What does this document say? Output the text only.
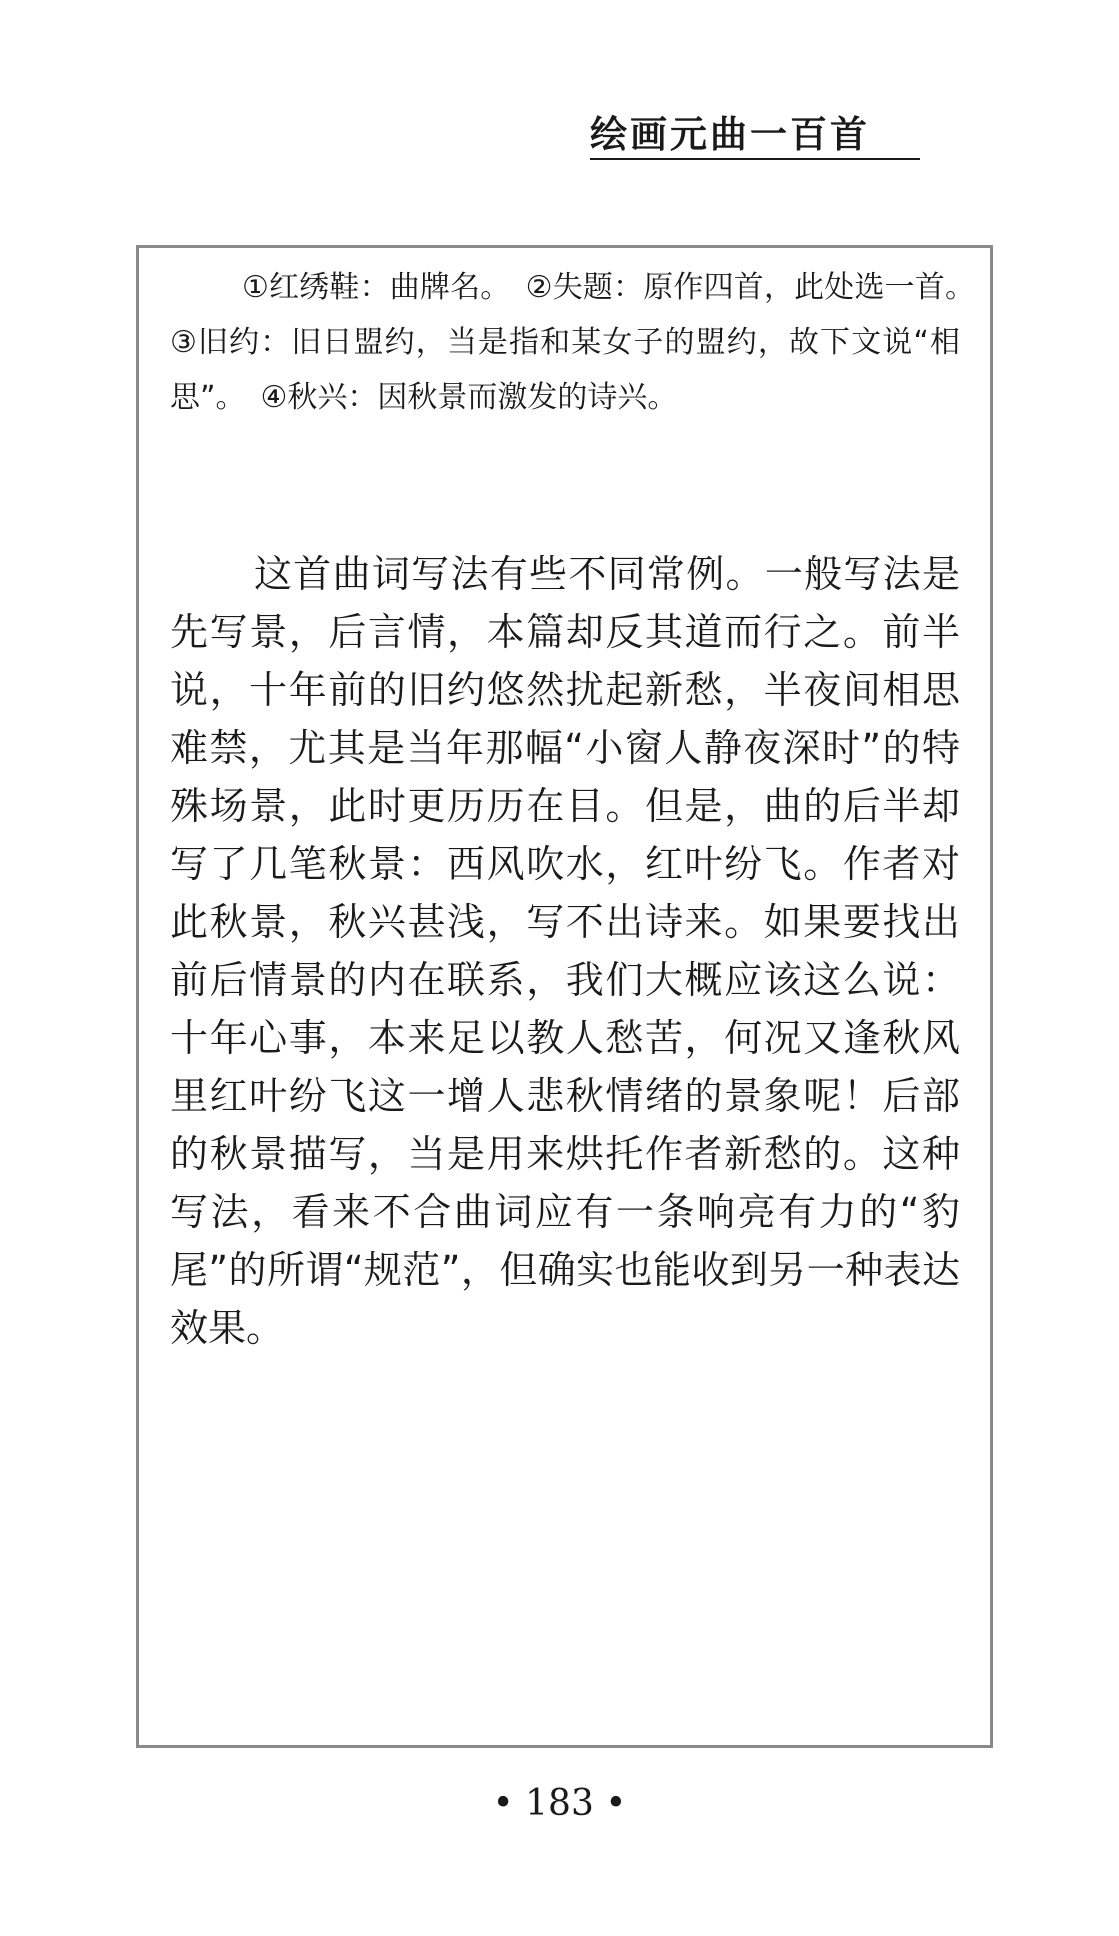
绘画元曲一百首

①红绣鞋：曲牌名。　②失题：原作四首，此处选一首。　③旧约：旧日盟约，当是指和某女子的盟约，故下文说“相思”。　④秋兴：因秋景而激发的诗兴。

这首曲词写法有些不同常例。一般写法是先写景，后言情，本篇却反其道而行之。前半说，十年前的旧约悠然扰起新愁，半夜间相思难禁，尤其是当年那幅“小窗人静夜深时”的特殊场景，此时更历历在目。但是，曲的后半却写了几笔秋景：西风吹水，红叶纷飞。作者对此秋景，秋兴甚浅，写不出诗来。如果要找出前后情景的内在联系，我们大概应该这么说：十年心事，本来足以教人愁苦，何况又逢秋风里红叶纷飞这一增人悲秋情绪的景象呢！后部的秋景描写，当是用来烘托作者新愁的。这种写法，看来不合曲词应有一条响亮有力的“豹尾”的所谓“规范”，但确实也能收到另一种表达效果。

• 183 •
